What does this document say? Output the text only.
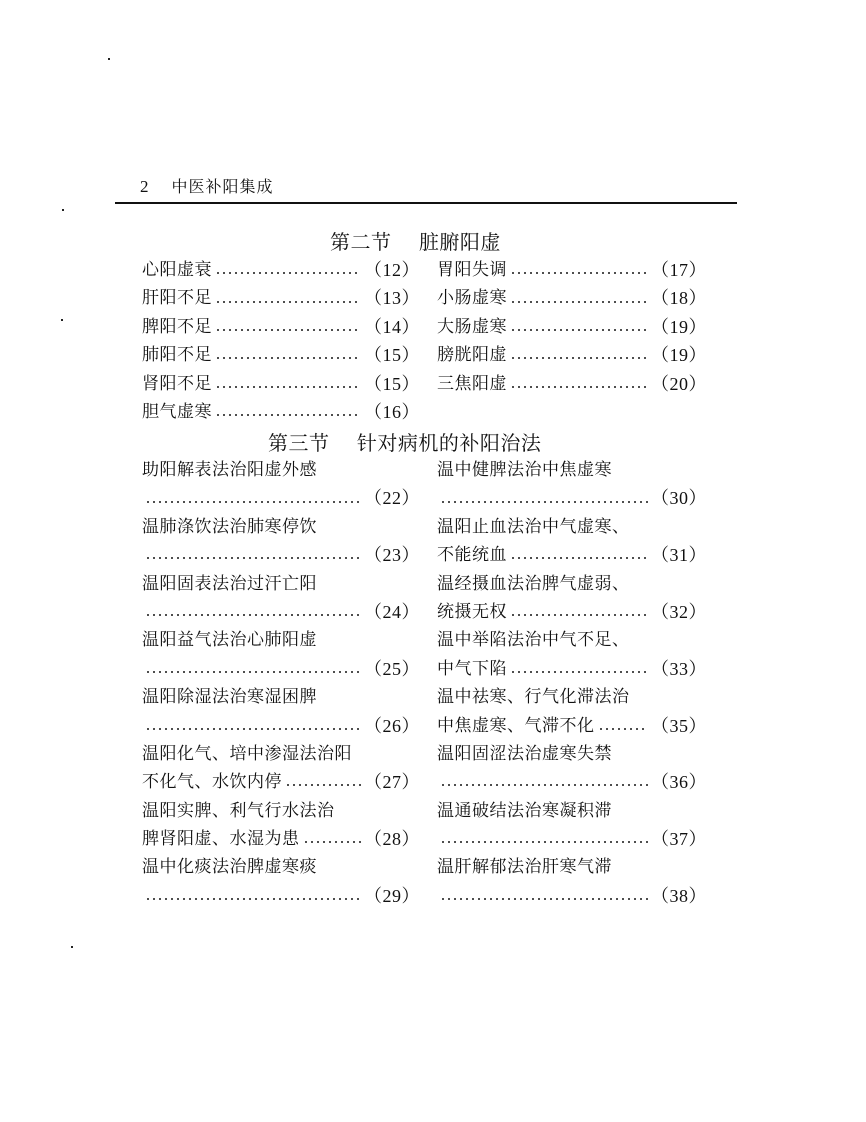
2 中医补阳集成
第二节    脏腑阳虚
心阳虚衰	（12）
肝阳不足	（13）
脾阳不足	（14）
肺阳不足	（15）
肾阳不足	（15）
胆气虚寒	（16）
胃阳失调	（17）
小肠虚寒	（18）
大肠虚寒	（19）
膀胱阳虚	（19）
三焦阳虚	（20）
第三节    针对病机的补阳治法
助阳解表法治阳虚外感
（22）
温肺涤饮法治肺寒停饮
（23）
温阳固表法治过汗亡阳
（24）
温阳益气法治心肺阳虚
（25）
温阳除湿法治寒湿困脾
（26）
温阳化气、培中渗湿法治阳
不化气、水饮内停	（27）
温阳实脾、利气行水法治
脾肾阳虚、水湿为患	（28）
温中化痰法治脾虚寒痰
（29）
温中健脾法治中焦虚寒
（30）
温阳止血法治中气虚寒、
不能统血	（31）
温经摄血法治脾气虚弱、
统摄无权	（32）
温中举陷法治中气不足、
中气下陷	（33）
温中祛寒、行气化滞法治
中焦虚寒、气滞不化	（35）
温阳固涩法治虚寒失禁
（36）
温通破结法治寒凝积滞
（37）
温肝解郁法治肝寒气滞
（38）
